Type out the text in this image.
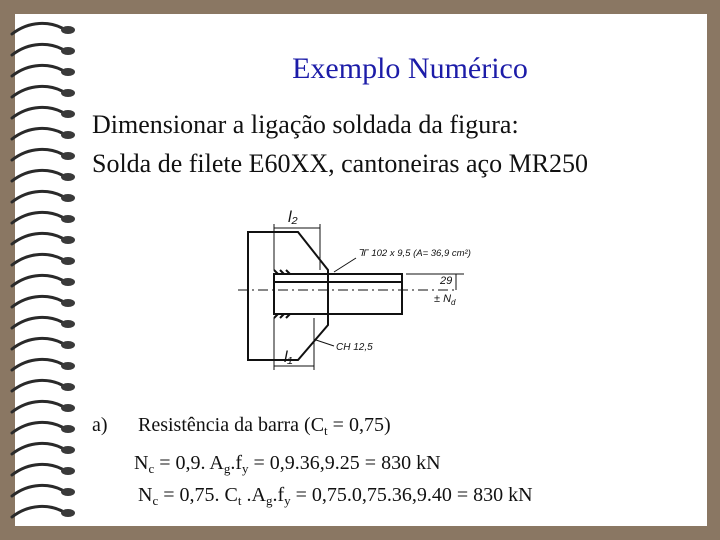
Exemplo Numérico
Dimensionar a ligação soldada da figura:
Solda de filete E60XX, cantoneiras aço MR250
l₂
l₁
⅂Γ 102 x 9,5 (A= 36,9 cm²)
29
± $N_d$
CH 12,5
a) Resistência da barra $(C_t = 0,75)$
$N_c = 0,9$. $A_g.f_y = 0,9.36,9.25 = 830$ kN
$N_c = 0,75$. $C_t$ $.A_g.f_y = 0,75.0,75.36,9.40 = 830$ kN
